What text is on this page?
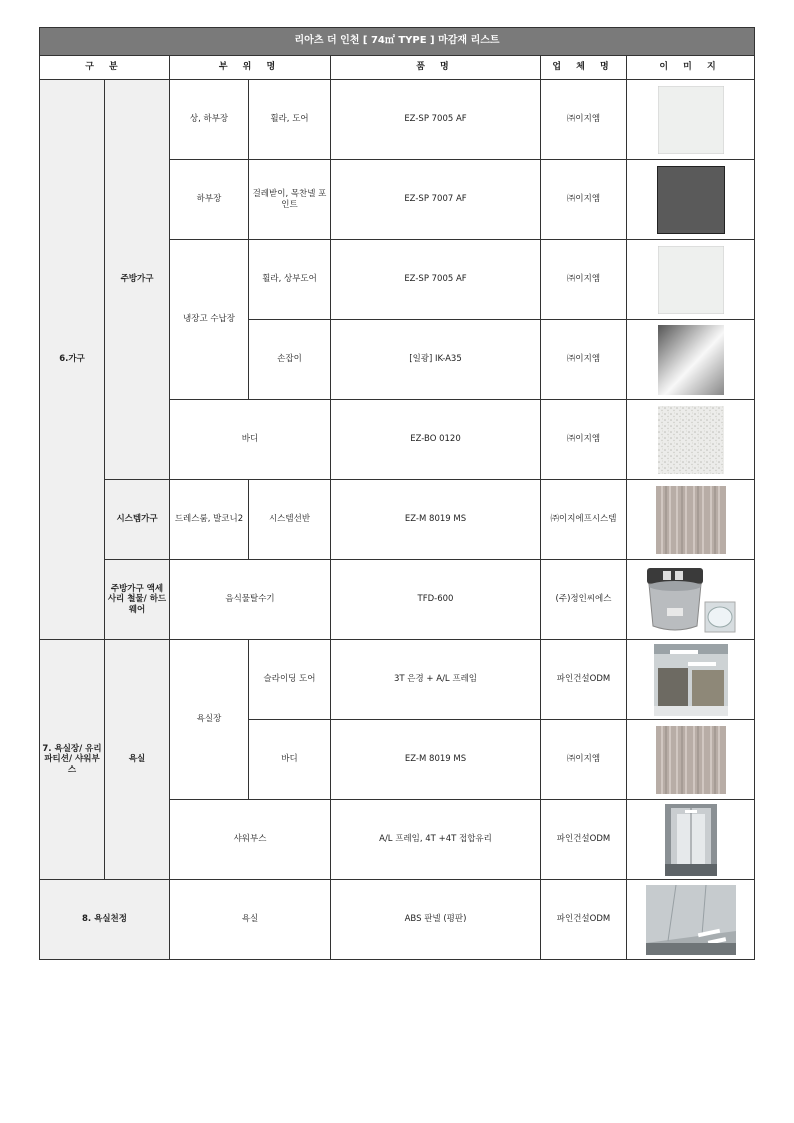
리아츠 더 인천 [ 74㎡ TYPE ] 마감재 리스트						
구 분		부 위 명		품 명	업 체 명	이 미 지
6.가구	주방가구	상, 하부장	휠라, 도어	EZ-SP 7005 AF	㈜이지엠	

		하부장	걸레받이, 목찬넬 포인트	EZ-SP 7007 AF	㈜이지엠	

		냉장고 수납장	휠라, 상부도어	EZ-SP 7005 AF	㈜이지엠	

			손잡이	[일광] IK-A35	㈜이지엠	

		바디		EZ-BO 0120	㈜이지엠	

	시스템가구	드레스룸, 발코니2	시스템선반	EZ-M 8019 MS	㈜이지에프시스템	

	주방가구 액세사리 철물/ 하드웨어	음식물탈수기		TFD-600	(주)정인씨에스	

7. 욕실장/ 유리파티션/ 샤워부스	욕실	욕실장	슬라이딩 도어	3T 은경 + A/L 프레임	파인건설ODM	

			바디	EZ-M 8019 MS	㈜이지엠	

		샤워부스		A/L 프레임, 4T +4T 접합유리	파인건설ODM	

8. 욕실천정		욕실		ABS 판넬 (평판)	파인건설ODM	
